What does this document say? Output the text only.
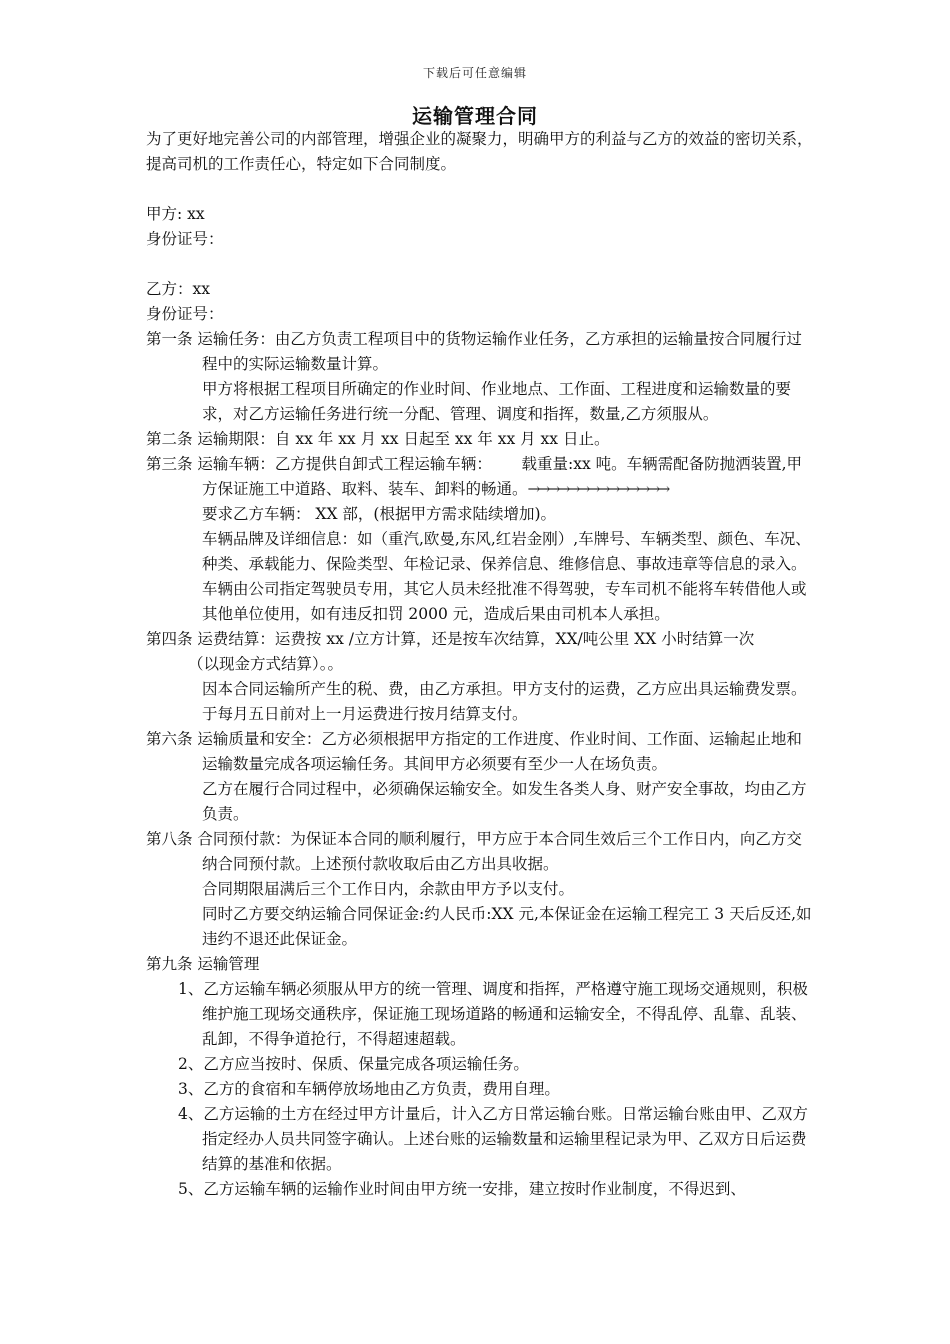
下载后可任意编辑
运输管理合同

为了更好地完善公司的内部管理，增强企业的凝聚力，明确甲方的利益与乙方的效益的密切关系，提高司机的工作责任心，特定如下合同制度。

甲方: xx

身份证号：

乙方：xx

身份证号：

第一条 运输任务：由乙方负责工程项目中的货物运输作业任务，乙方承担的运输量按合同履行过程中的实际运输数量计算。

甲方将根据工程项目所确定的作业时间、作业地点、工作面、工程进度和运输数量的要求，对乙方运输任务进行统一分配、管理、调度和指挥，数量,乙方须服从。

第二条 运输期限：自 xx 年 xx 月 xx 日起至 xx 年 xx 月 xx 日止。

第三条 运输车辆：乙方提供自卸式工程运输车辆： 载重量:xx 吨。车辆需配备防抛洒装置,甲方保证施工中道路、取料、装车、卸料的畅通。→→→→→→→→→→→→→→

要求乙方车辆： XX 部，(根据甲方需求陆续增加)。

车辆品牌及详细信息：如（重汽,欧曼,东风,红岩金刚）,车牌号、车辆类型、颜色、车况、种类、承载能力、保险类型、年检记录、保养信息、维修信息、事故违章等信息的录入。

车辆由公司指定驾驶员专用，其它人员未经批准不得驾驶，专车司机不能将车转借他人或其他单位使用，如有违反扣罚 2000 元，造成后果由司机本人承担。

第四条 运费结算：运费按 xx /立方计算，还是按车次结算，XX/吨公里 XX 小时结算一次

（以现金方式结算）。。

因本合同运输所产生的税、费，由乙方承担。甲方支付的运费，乙方应出具运输费发票。于每月五日前对上一月运费进行按月结算支付。

第六条 运输质量和安全：乙方必须根据甲方指定的工作进度、作业时间、工作面、运输起止地和运输数量完成各项运输任务。其间甲方必须要有至少一人在场负责。

乙方在履行合同过程中，必须确保运输安全。如发生各类人身、财产安全事故，均由乙方负责。

第八条 合同预付款：为保证本合同的顺利履行，甲方应于本合同生效后三个工作日内，向乙方交纳合同预付款。上述预付款收取后由乙方出具收据。

合同期限届满后三个工作日内，余款由甲方予以支付。

同时乙方要交纳运输合同保证金:约人民币:XX 元,本保证金在运输工程完工 3 天后反还,如违约不退还此保证金。

第九条 运输管理

1、乙方运输车辆必须服从甲方的统一管理、调度和指挥，严格遵守施工现场交通规则，积极维护施工现场交通秩序，保证施工现场道路的畅通和运输安全，不得乱停、乱靠、乱装、乱卸，不得争道抢行，不得超速超载。

2、乙方应当按时、保质、保量完成各项运输任务。

3、乙方的食宿和车辆停放场地由乙方负责，费用自理。

4、乙方运输的土方在经过甲方计量后，计入乙方日常运输台账。日常运输台账由甲、乙双方指定经办人员共同签字确认。上述台账的运输数量和运输里程记录为甲、乙双方日后运费结算的基准和依据。

5、乙方运输车辆的运输作业时间由甲方统一安排，建立按时作业制度，不得迟到、
